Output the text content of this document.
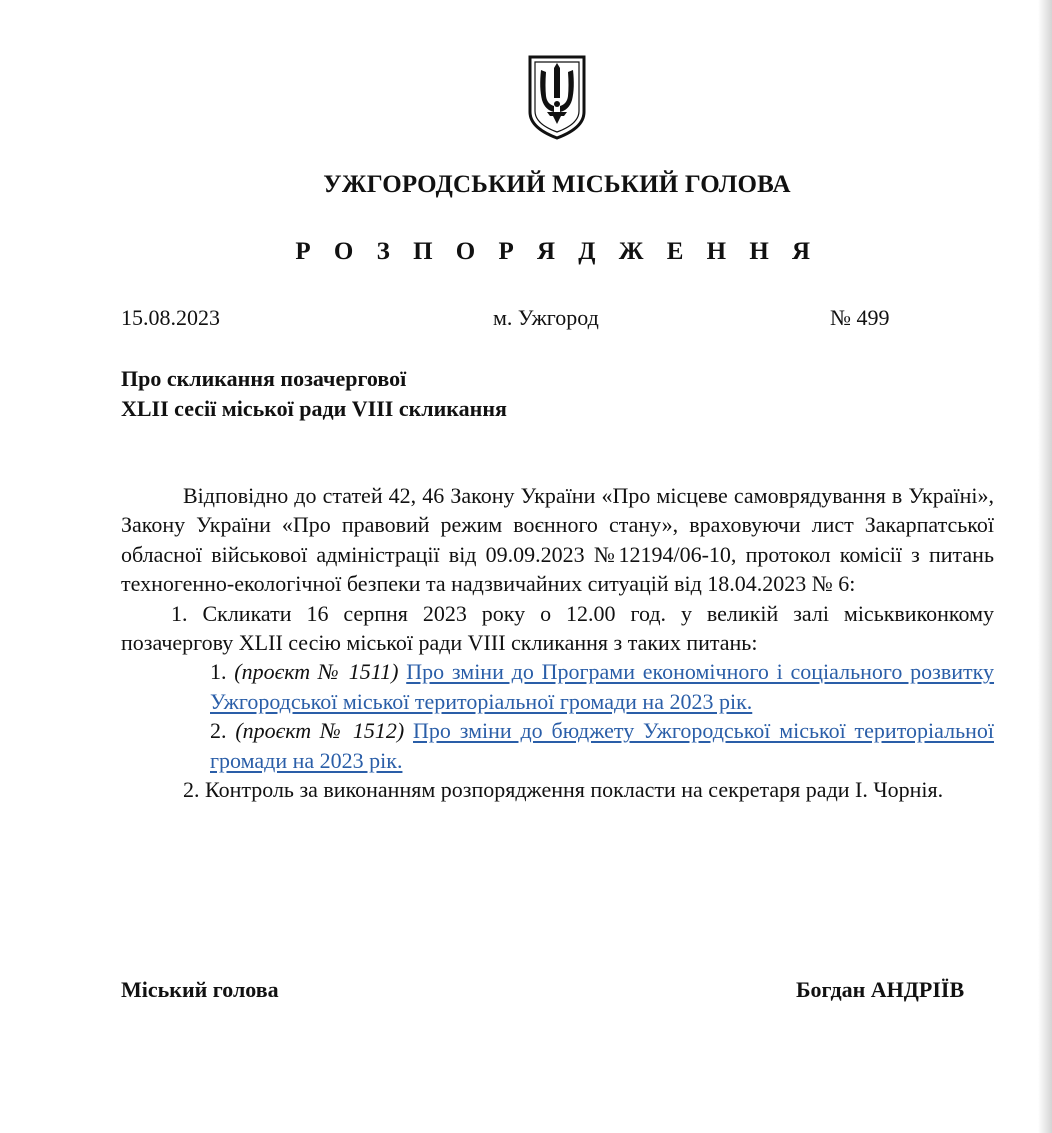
УЖГОРОДСЬКИЙ МІСЬКИЙ ГОЛОВА
Р О З П О Р Я Д Ж Е Н Н Я
15.08.2023	м. Ужгород	№ 499
Про скликання позачергової
XLII сесії міської ради VIII скликання

Відповідно до статей 42, 46 Закону України «Про місцеве самоврядування в Україні», Закону України «Про правовий режим воєнного стану», враховуючи лист Закарпатської обласної військової адміністрації від 09.09.2023 №12194/06-10, протокол комісії з питань техногенно-екологічної безпеки та надзвичайних ситуацій від 18.04.2023 № 6:

1. Скликати 16 серпня 2023 року о 12.00 год. у великій залі міськвиконкому позачергову XLII сесію міської ради VIII скликання з таких питань:

1. (проєкт № 1511) Про зміни до Програми економічного і соціального розвитку Ужгородської міської територіальної громади на 2023 рік.

2. (проєкт № 1512) Про зміни до бюджету Ужгородської міської територіальної громади на 2023 рік.

2. Контроль за виконанням розпорядження покласти на секретаря ради І. Чорнія.

Міський голова	Богдан АНДРІЇВ
